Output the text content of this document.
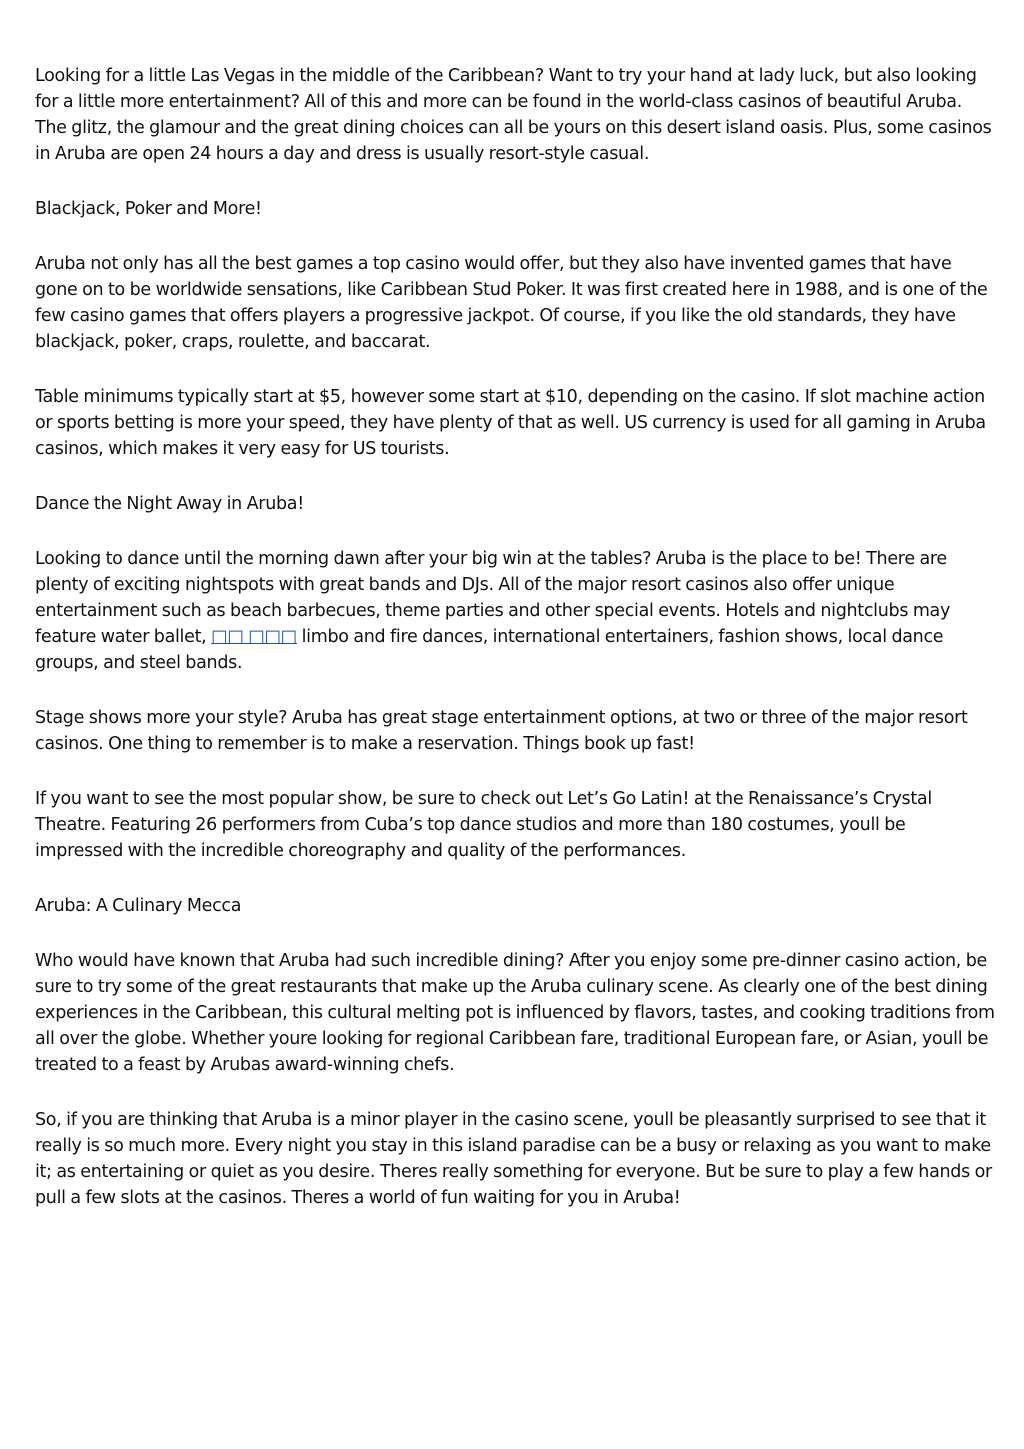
Looking for a little Las Vegas in the middle of the Caribbean? Want to try your hand at lady luck, but also looking for a little more entertainment? All of this and more can be found in the world-class casinos of beautiful Aruba. The glitz, the glamour and the great dining choices can all be yours on this desert island oasis. Plus, some casinos in Aruba are open 24 hours a day and dress is usually resort-style casual.

Blackjack, Poker and More!

Aruba not only has all the best games a top casino would offer, but they also have invented games that have gone on to be worldwide sensations, like Caribbean Stud Poker. It was first created here in 1988, and is one of the few casino games that offers players a progressive jackpot. Of course, if you like the old standards, they have blackjack, poker, craps, roulette, and baccarat.

Table minimums typically start at $5, however some start at $10, depending on the casino. If slot machine action or sports betting is more your speed, they have plenty of that as well. US currency is used for all gaming in Aruba casinos, which makes it very easy for US tourists.

Dance the Night Away in Aruba!

Looking to dance until the morning dawn after your big win at the tables? Aruba is the place to be! There are plenty of exciting nightspots with great bands and DJs. All of the major resort casinos also offer unique entertainment such as beach barbecues, theme parties and other special events. Hotels and nightclubs may feature water ballet, □□ □□□ limbo and fire dances, international entertainers, fashion shows, local dance groups, and steel bands.

Stage shows more your style? Aruba has great stage entertainment options, at two or three of the major resort casinos. One thing to remember is to make a reservation. Things book up fast!

If you want to see the most popular show, be sure to check out Let’s Go Latin! at the Renaissance’s Crystal Theatre. Featuring 26 performers from Cuba’s top dance studios and more than 180 costumes, youll be impressed with the incredible choreography and quality of the performances.

Aruba: A Culinary Mecca

Who would have known that Aruba had such incredible dining? After you enjoy some pre-dinner casino action, be sure to try some of the great restaurants that make up the Aruba culinary scene. As clearly one of the best dining experiences in the Caribbean, this cultural melting pot is influenced by flavors, tastes, and cooking traditions from all over the globe. Whether youre looking for regional Caribbean fare, traditional European fare, or Asian, youll be treated to a feast by Arubas award-winning chefs.

So, if you are thinking that Aruba is a minor player in the casino scene, youll be pleasantly surprised to see that it really is so much more. Every night you stay in this island paradise can be a busy or relaxing as you want to make it; as entertaining or quiet as you desire. Theres really something for everyone. But be sure to play a few hands or pull a few slots at the casinos. Theres a world of fun waiting for you in Aruba!
